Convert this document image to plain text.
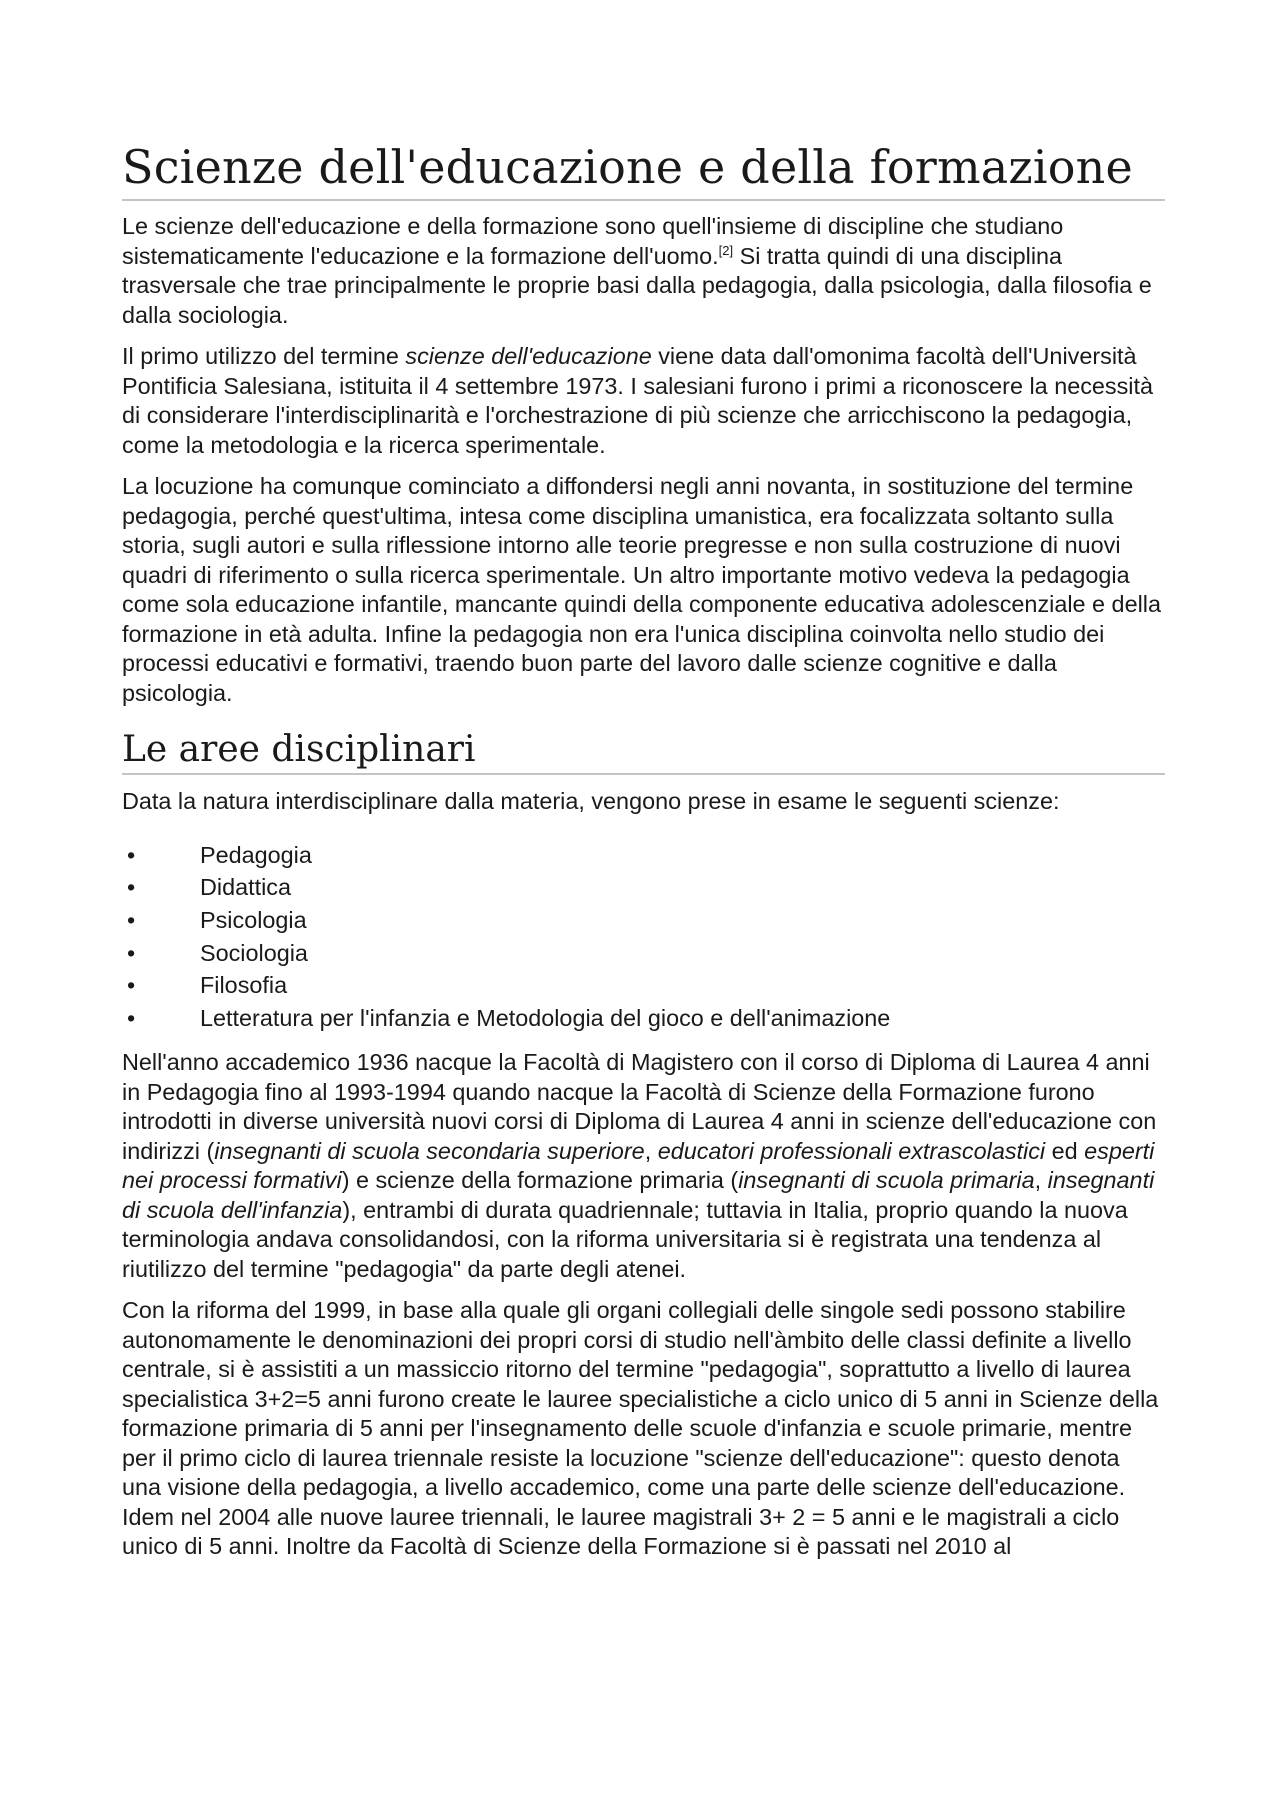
Scienze dell'educazione e della formazione

Le scienze dell'educazione e della formazione sono quell'insieme di discipline che studiano sistematicamente l'educazione e la formazione dell'uomo.[2] Si tratta quindi di una disciplina trasversale che trae principalmente le proprie basi dalla pedagogia, dalla psicologia, dalla filosofia e dalla sociologia.

Il primo utilizzo del termine scienze dell'educazione viene data dall'omonima facoltà dell'Università Pontificia Salesiana, istituita il 4 settembre 1973. I salesiani furono i primi a riconoscere la necessità di considerare l'interdisciplinarità e l'orchestrazione di più scienze che arricchiscono la pedagogia, come la metodologia e la ricerca sperimentale.

La locuzione ha comunque cominciato a diffondersi negli anni novanta, in sostituzione del termine pedagogia, perché quest'ultima, intesa come disciplina umanistica, era focalizzata soltanto sulla storia, sugli autori e sulla riflessione intorno alle teorie pregresse e non sulla costruzione di nuovi quadri di riferimento o sulla ricerca sperimentale. Un altro importante motivo vedeva la pedagogia come sola educazione infantile, mancante quindi della componente educativa adolescenziale e della formazione in età adulta. Infine la pedagogia non era l'unica disciplina coinvolta nello studio dei processi educativi e formativi, traendo buon parte del lavoro dalle scienze cognitive e dalla psicologia.

Le aree disciplinari

Data la natura interdisciplinare dalla materia, vengono prese in esame le seguenti scienze:

•	Pedagogia
•	Didattica
•	Psicologia
•	Sociologia
•	Filosofia
•	Letteratura per l'infanzia e Metodologia del gioco e dell'animazione

Nell'anno accademico 1936 nacque la Facoltà di Magistero con il corso di Diploma di Laurea 4 anni in Pedagogia fino al 1993-1994 quando nacque la Facoltà di Scienze della Formazione furono introdotti in diverse università nuovi corsi di Diploma di Laurea 4 anni in scienze dell'educazione con indirizzi (insegnanti di scuola secondaria superiore, educatori professionali extrascolastici ed esperti nei processi formativi) e scienze della formazione primaria (insegnanti di scuola primaria, insegnanti di scuola dell'infanzia), entrambi di durata quadriennale; tuttavia in Italia, proprio quando la nuova terminologia andava consolidandosi, con la riforma universitaria si è registrata una tendenza al riutilizzo del termine "pedagogia" da parte degli atenei.

Con la riforma del 1999, in base alla quale gli organi collegiali delle singole sedi possono stabilire autonomamente le denominazioni dei propri corsi di studio nell'àmbito delle classi definite a livello centrale, si è assistiti a un massiccio ritorno del termine "pedagogia", soprattutto a livello di laurea specialistica 3+2=5 anni furono create le lauree specialistiche a ciclo unico di 5 anni in Scienze della formazione primaria di 5 anni per l'insegnamento delle scuole d'infanzia e scuole primarie, mentre per il primo ciclo di laurea triennale resiste la locuzione "scienze dell'educazione": questo denota una visione della pedagogia, a livello accademico, come una parte delle scienze dell'educazione. Idem nel 2004 alle nuove lauree triennali, le lauree magistrali 3+ 2 = 5 anni e le magistrali a ciclo unico di 5 anni. Inoltre da Facoltà di Scienze della Formazione si è passati nel 2010 al
